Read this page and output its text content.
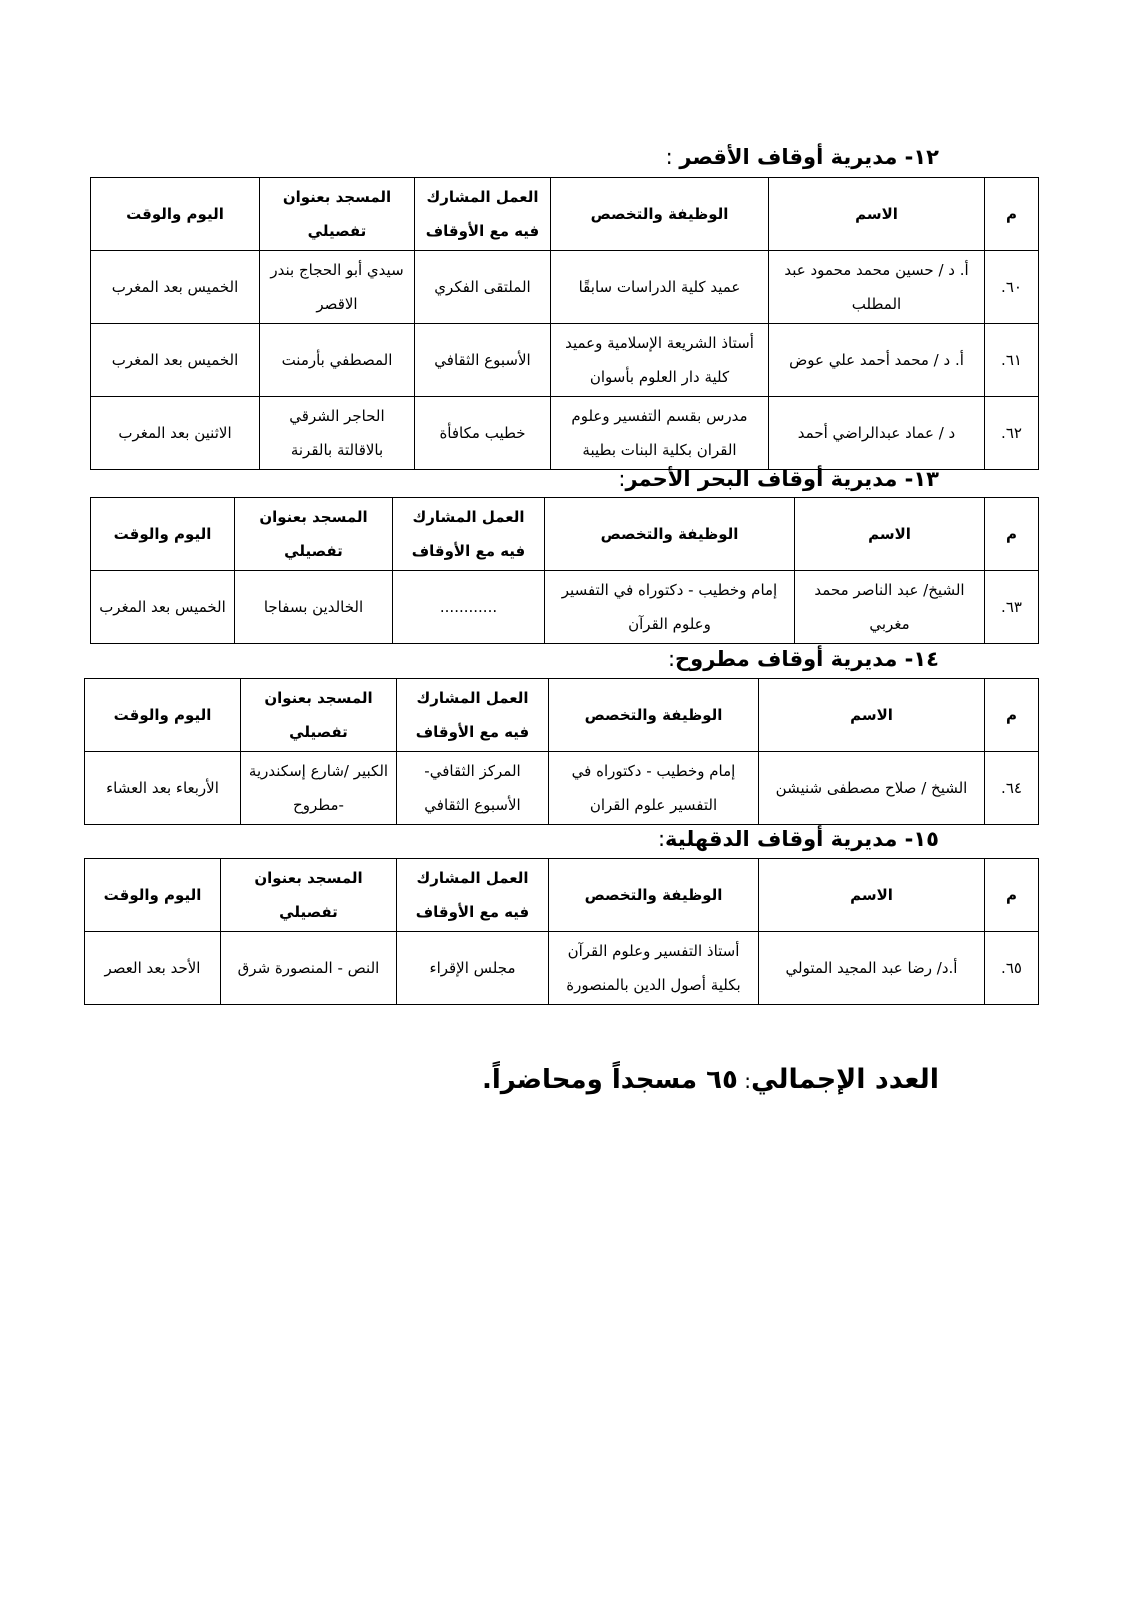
١٢- مديرية أوقاف الأقصر :
م	الاسم	الوظيفة والتخصص	العمل المشارك فيه مع الأوقاف	المسجد بعنوان تفصيلي	اليوم والوقت
٦٠.	أ. د / حسين محمد محمود عبد المطلب	عميد كلية الدراسات سابقًا	الملتقى الفكري	سيدي أبو الحجاج بندر الاقصر	الخميس بعد المغرب
٦١.	أ. د / محمد أحمد علي عوض	أستاذ الشريعة الإسلامية وعميد كلية دار العلوم بأسوان	الأسبوع الثقافي	المصطفي بأرمنت	الخميس بعد المغرب
٦٢.	د / عماد عبدالراضي أحمد	مدرس بقسم التفسير وعلوم القران بكلية البنات بطيبة	خطيب مكافأة	الحاجر الشرقي بالاقالتة بالقرنة	الاثنين بعد المغرب
١٣- مديرية أوقاف البحر الأحمر:
م	الاسم	الوظيفة والتخصص	العمل المشارك فيه مع الأوقاف	المسجد بعنوان تفصيلي	اليوم والوقت
٦٣.	الشيخ/ عبد الناصر محمد مغربي	إمام وخطيب - دكتوراه في التفسير وعلوم القرآن	............	الخالدين بسفاجا	الخميس بعد المغرب
١٤- مديرية أوقاف مطروح:
م	الاسم	الوظيفة والتخصص	العمل المشارك فيه مع الأوقاف	المسجد بعنوان تفصيلي	اليوم والوقت
٦٤.	الشيخ / صلاح مصطفى شنيشن	إمام وخطيب - دكتوراه في التفسير علوم القران	المركز الثقافي- الأسبوع الثقافي	الكبير /شارع إسكندرية -مطروح	الأربعاء بعد العشاء
١٥- مديرية أوقاف الدقهلية:
م	الاسم	الوظيفة والتخصص	العمل المشارك فيه مع الأوقاف	المسجد بعنوان تفصيلي	اليوم والوقت
٦٥.	أ.د/ رضا عبد المجيد المتولي	أستاذ التفسير وعلوم القرآن بكلية أصول الدين بالمنصورة	مجلس الإقراء	النص - المنصورة شرق	الأحد بعد العصر
العدد الإجمالي: ٦٥ مسجداً ومحاضراً.
